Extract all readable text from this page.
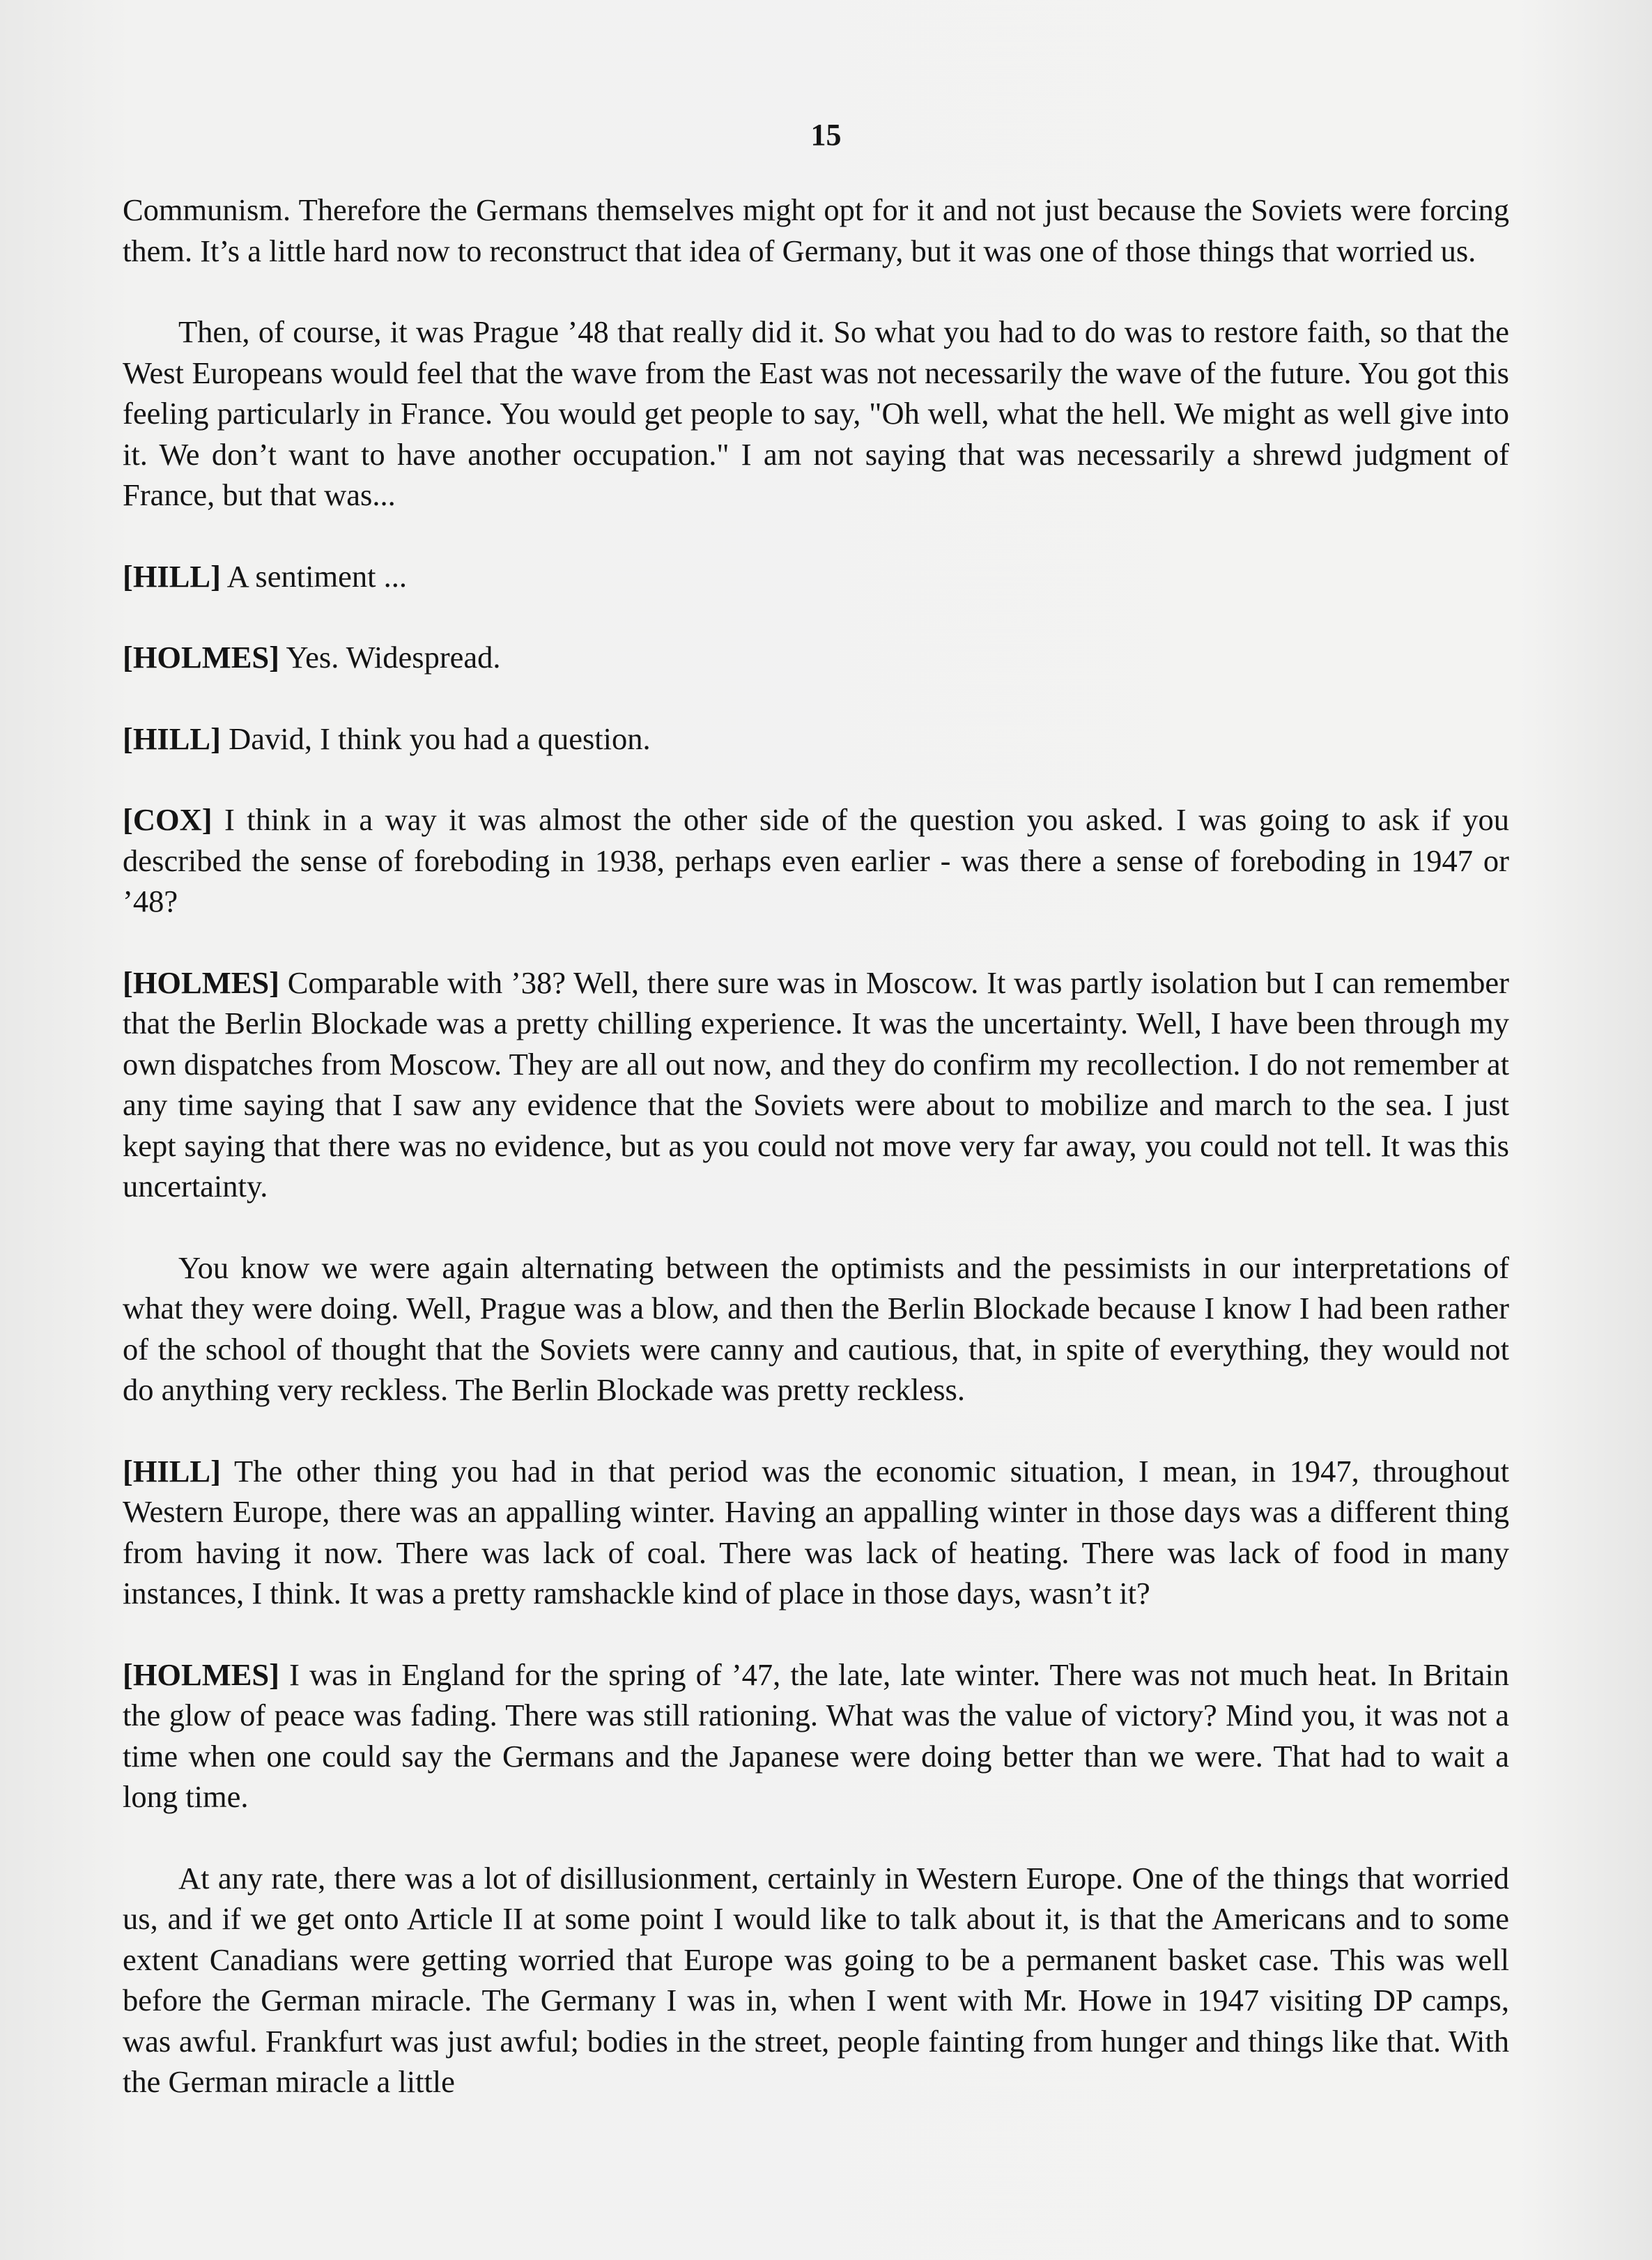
15

Communism. Therefore the Germans themselves might opt for it and not just because the Soviets were forcing them. It’s a little hard now to reconstruct that idea of Germany, but it was one of those things that worried us.

Then, of course, it was Prague ’48 that really did it. So what you had to do was to restore faith, so that the West Europeans would feel that the wave from the East was not necessarily the wave of the future. You got this feeling particularly in France. You would get people to say, "Oh well, what the hell. We might as well give into it. We don’t want to have another occupation." I am not saying that was necessarily a shrewd judgment of France, but that was...

[HILL] A sentiment ...

[HOLMES] Yes. Widespread.

[HILL] David, I think you had a question.

[COX] I think in a way it was almost the other side of the question you asked. I was going to ask if you described the sense of foreboding in 1938, perhaps even earlier - was there a sense of foreboding in 1947 or ’48?

[HOLMES] Comparable with ’38? Well, there sure was in Moscow. It was partly isolation but I can remember that the Berlin Blockade was a pretty chilling experience. It was the uncertainty. Well, I have been through my own dispatches from Moscow. They are all out now, and they do confirm my recollection. I do not remember at any time saying that I saw any evidence that the Soviets were about to mobilize and march to the sea. I just kept saying that there was no evidence, but as you could not move very far away, you could not tell. It was this uncertainty.

You know we were again alternating between the optimists and the pessimists in our interpretations of what they were doing. Well, Prague was a blow, and then the Berlin Blockade because I know I had been rather of the school of thought that the Soviets were canny and cautious, that, in spite of everything, they would not do anything very reckless. The Berlin Blockade was pretty reckless.

[HILL] The other thing you had in that period was the economic situation, I mean, in 1947, throughout Western Europe, there was an appalling winter. Having an appalling winter in those days was a different thing from having it now. There was lack of coal. There was lack of heating. There was lack of food in many instances, I think. It was a pretty ramshackle kind of place in those days, wasn’t it?

[HOLMES] I was in England for the spring of ’47, the late, late winter. There was not much heat. In Britain the glow of peace was fading. There was still rationing. What was the value of victory? Mind you, it was not a time when one could say the Germans and the Japanese were doing better than we were. That had to wait a long time.

At any rate, there was a lot of disillusionment, certainly in Western Europe. One of the things that worried us, and if we get onto Article II at some point I would like to talk about it, is that the Americans and to some extent Canadians were getting worried that Europe was going to be a permanent basket case. This was well before the German miracle. The Germany I was in, when I went with Mr. Howe in 1947 visiting DP camps, was awful. Frankfurt was just awful; bodies in the street, people fainting from hunger and things like that. With the German miracle a little
